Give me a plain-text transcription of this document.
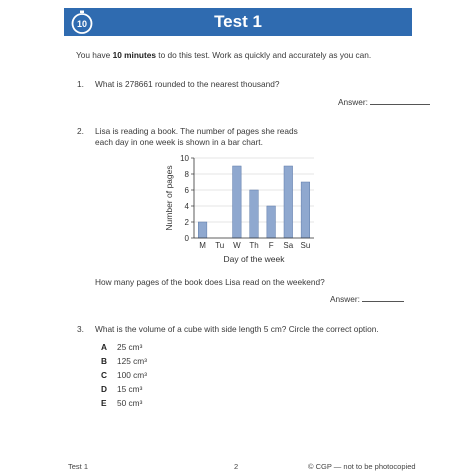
10	Test 1
You have 10 minutes to do this test. Work as quickly and accurately as you can.
1. What is 278661 rounded to the nearest thousand?
Answer:
2. Lisa is reading a book. The number of pages she reads
each day in one week is shown in a bar chart.
0
2
4
6
8
10
M Tu W Th F Sa Su
Number of pages
Day of the week
How many pages of the book does Lisa read on the weekend?
Answer:
3. What is the volume of a cube with side length 5 cm? Circle the correct option.
A 25 cm³
B 125 cm³
C 100 cm³
D 15 cm³
E 50 cm³
Test 1	2	© CGP — not to be photocopied
